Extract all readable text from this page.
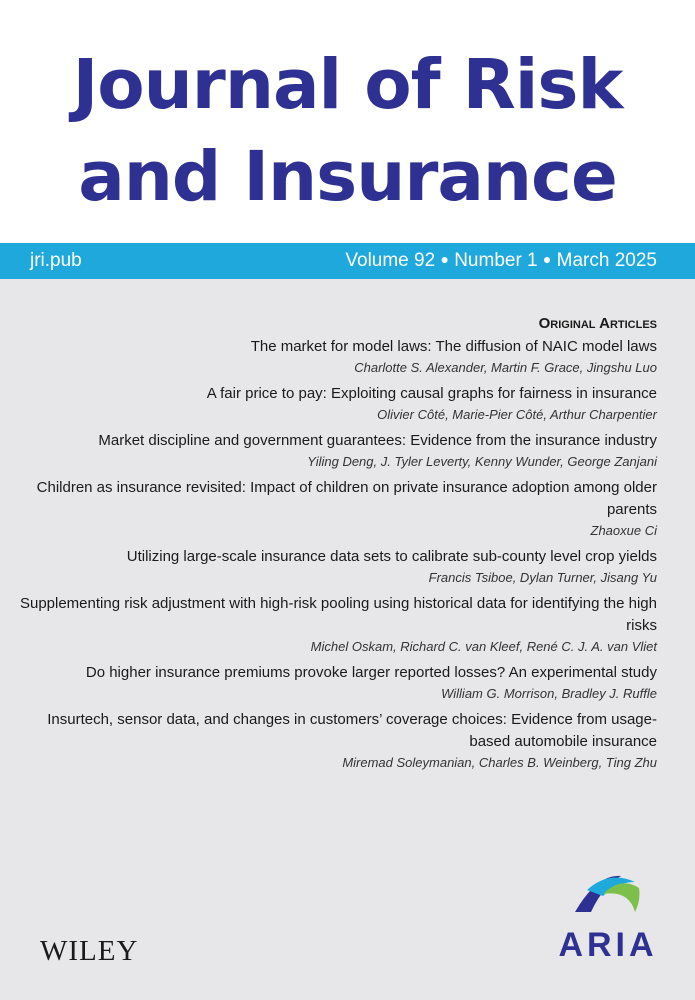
Journal of Risk
and Insurance
jri.pub	Volume 92 ● Number 1 ● March 2025
Original Articles
The market for model laws: The diffusion of NAIC model laws
Charlotte S. Alexander, Martin F. Grace, Jingshu Luo
A fair price to pay: Exploiting causal graphs for fairness in insurance
Olivier Côté, Marie-Pier Côté, Arthur Charpentier
Market discipline and government guarantees: Evidence from the insurance industry
Yiling Deng, J. Tyler Leverty, Kenny Wunder, George Zanjani
Children as insurance revisited: Impact of children on private insurance adoption among older parents
Zhaoxue Ci
Utilizing large-scale insurance data sets to calibrate sub-county level crop yields
Francis Tsiboe, Dylan Turner, Jisang Yu
Supplementing risk adjustment with high-risk pooling using historical data for identifying the high risks
Michel Oskam, Richard C. van Kleef, René C. J. A. van Vliet
Do higher insurance premiums provoke larger reported losses? An experimental study
William G. Morrison, Bradley J. Ruffle
Insurtech, sensor data, and changes in customers’ coverage choices: Evidence from usage-based automobile insurance
Miremad Soleymanian, Charles B. Weinberg, Ting Zhu
WILEY	ARIA
